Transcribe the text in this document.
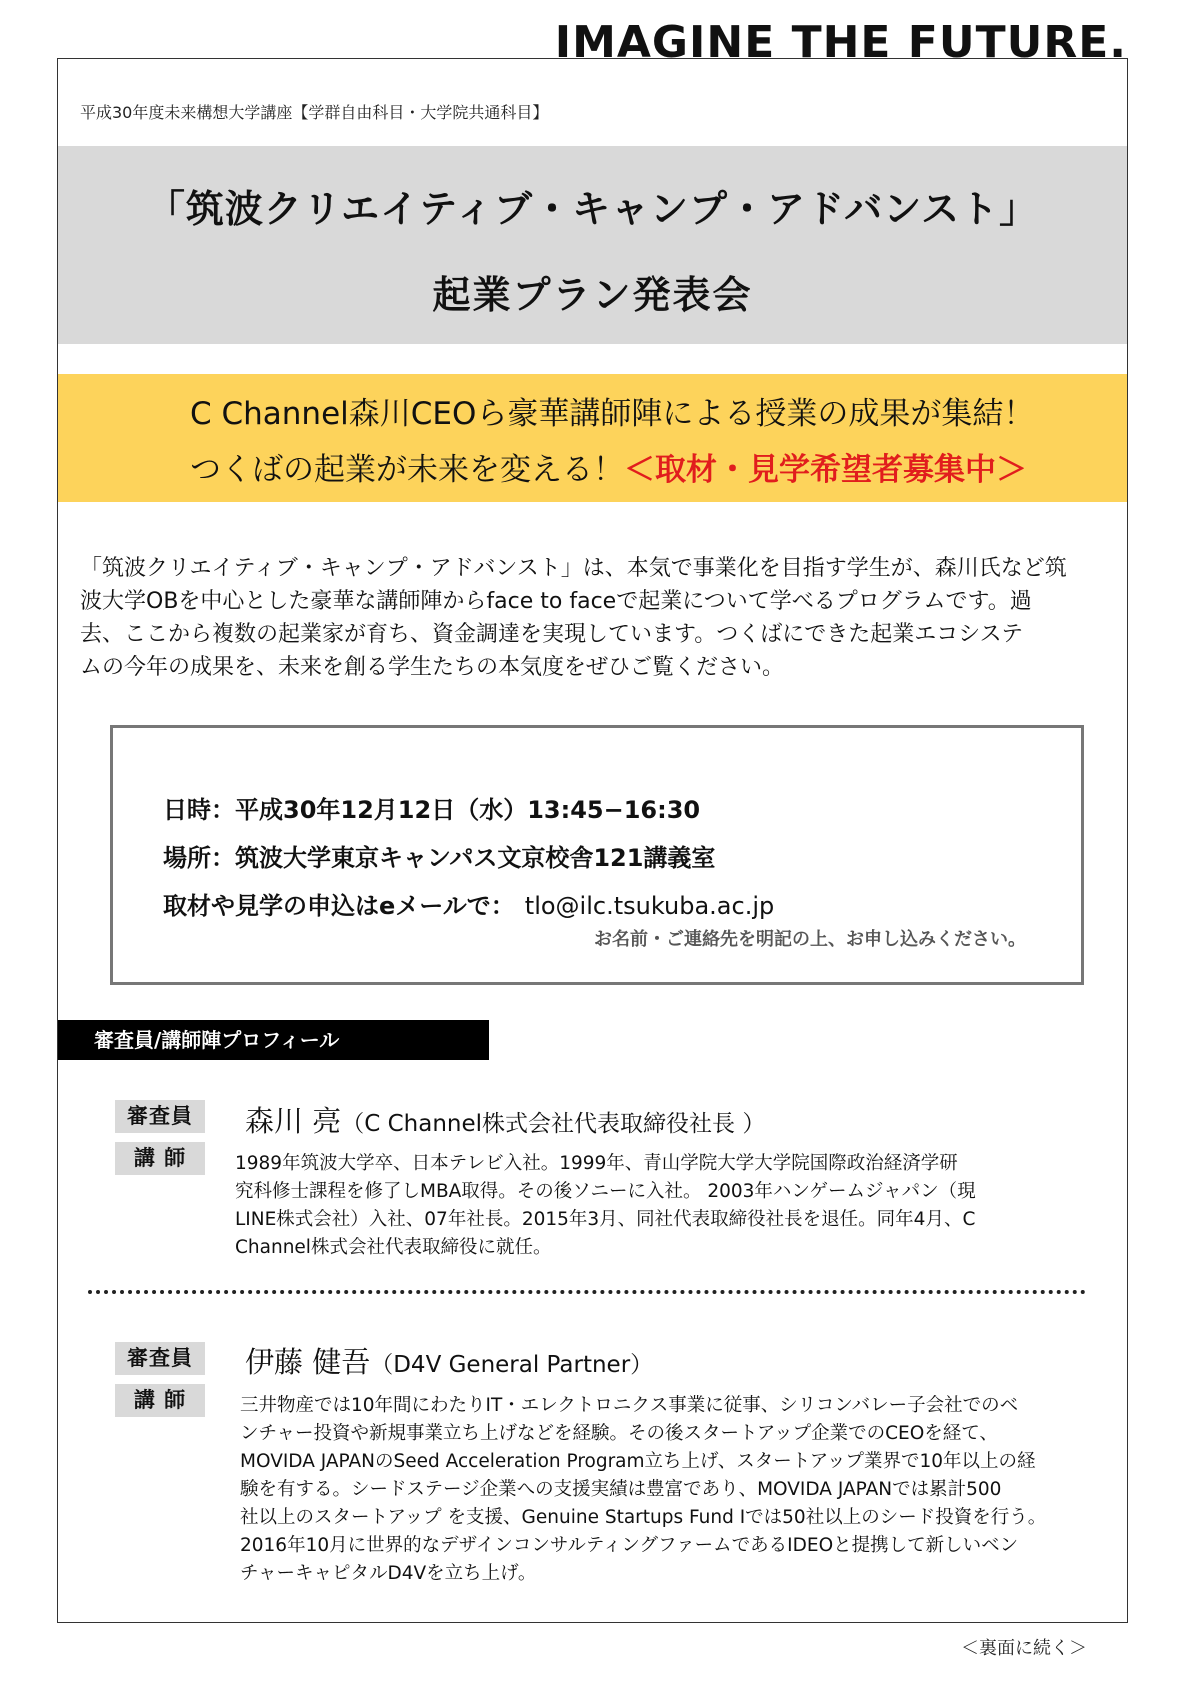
IMAGINE THE FUTURE.
平成30年度未来構想大学講座【学群自由科目・大学院共通科目】
「筑波クリエイティブ・キャンプ・アドバンスト」
起業プラン発表会
C Channel森川CEOら豪華講師陣による授業の成果が集結！
つくばの起業が未来を変える！＜取材・見学希望者募集中＞
「筑波クリエイティブ・キャンプ・アドバンスト」は、本気で事業化を目指す学生が、森川氏など筑
波大学OBを中心とした豪華な講師陣からface to faceで起業について学べるプログラムです。過
去、ここから複数の起業家が育ち、資金調達を実現しています。つくばにできた起業エコシステ
ムの今年の成果を、未来を創る学生たちの本気度をぜひご覧ください。
日時：平成30年12月12日（水）13:45−16:30
場所：筑波大学東京キャンパス文京校舎121講義室
取材や見学の申込はeメールで： tlo@ilc.tsukuba.ac.jp
お名前・ご連絡先を明記の上、お申し込みください。
審査員/講師陣プロフィール
審査員
講 師
森川 亮（C Channel株式会社代表取締役社長 ）
1989年筑波大学卒、日本テレビ入社。1999年、青山学院大学大学院国際政治経済学研
究科修士課程を修了しMBA取得。その後ソニーに入社。 2003年ハンゲームジャパン（現
LINE株式会社）入社、07年社長。2015年3月、同社代表取締役社長を退任。同年4月、C
Channel株式会社代表取締役に就任。
審査員
講 師
伊藤 健吾（D4V General Partner）
三井物産では10年間にわたりIT・エレクトロニクス事業に従事、シリコンバレー子会社でのベ
ンチャー投資や新規事業立ち上げなどを経験。その後スタートアップ企業でのCEOを経て、
MOVIDA JAPANのSeed Acceleration Program立ち上げ、スタートアップ業界で10年以上の経
験を有する。シードステージ企業への支援実績は豊富であり、MOVIDA JAPANでは累計500
社以上のスタートアップ を支援、Genuine Startups Fund Iでは50社以上のシード投資を行う。
2016年10月に世界的なデザインコンサルティングファームであるIDEOと提携して新しいベン
チャーキャピタルD4Vを立ち上げ。
＜裏面に続く＞
